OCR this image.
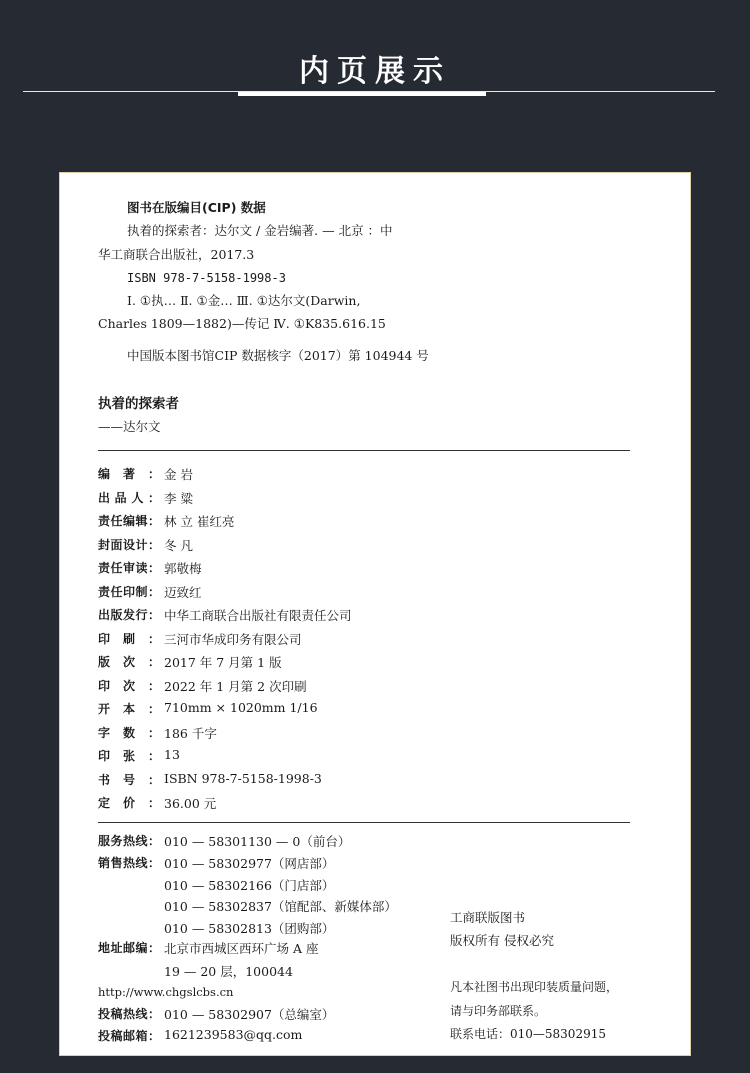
内页展示
图书在版编目(CIP) 数据
执着的探索者：达尔文 / 金岩编著. — 北京 ：中
华工商联合出版社，2017.3
ISBN 978-7-5158-1998-3
Ⅰ. ①执… Ⅱ. ①金… Ⅲ. ①达尔文(Darwin,
Charles 1809—1882)—传记 Ⅳ. ①K835.616.15
中国版本图书馆CIP 数据核字（2017）第 104944 号
执着的探索者
——达尔文
编著： 金 岩
出品人： 李 粱
责任编辑： 林 立 崔红亮
封面设计： 冬 凡
责任审读： 郭敬梅
责任印制： 迈致红
出版发行： 中华工商联合出版社有限责任公司
印刷： 三河市华成印务有限公司
版次： 2017 年 7 月第 1 版
印次： 2022 年 1 月第 2 次印刷
开本： 710mm × 1020mm 1/16
字数： 186 千字
印张： 13
书号： ISBN 978-7-5158-1998-3
定价： 36.00 元
服务热线： 010 — 58301130 — 0（前台）
销售热线： 010 — 58302977（网店部）
010 — 58302166（门店部）
010 — 58302837（馆配部、新媒体部）
010 — 58302813（团购部）
地址邮编： 北京市西城区西环广场 A 座
19 — 20 层，100044
http://www.chgslcbs.cn
投稿热线： 010 — 58302907（总编室）
投稿邮箱： 1621239583@qq.com
工商联版图书
版权所有 侵权必究
凡本社图书出现印装质量问题，
请与印务部联系。
联系电话：010—58302915
